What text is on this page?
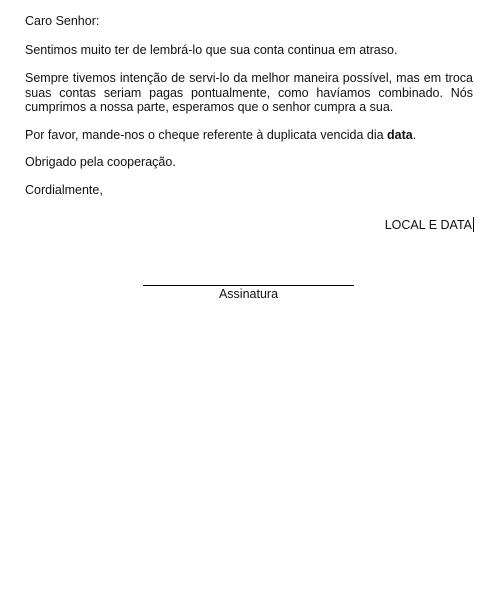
Caro Senhor:

Sentimos muito ter de lembrá-lo que sua conta continua em atraso.

Sempre tivemos intenção de servi-lo da melhor maneira possível, mas em troca suas contas seriam pagas pontualmente, como havíamos combinado. Nós cumprimos a nossa parte, esperamos que o senhor cumpra a sua.

Por favor, mande-nos o cheque referente à duplicata vencida dia data.

Obrigado pela cooperação.

Cordialmente,

LOCAL E DATA
Assinatura
